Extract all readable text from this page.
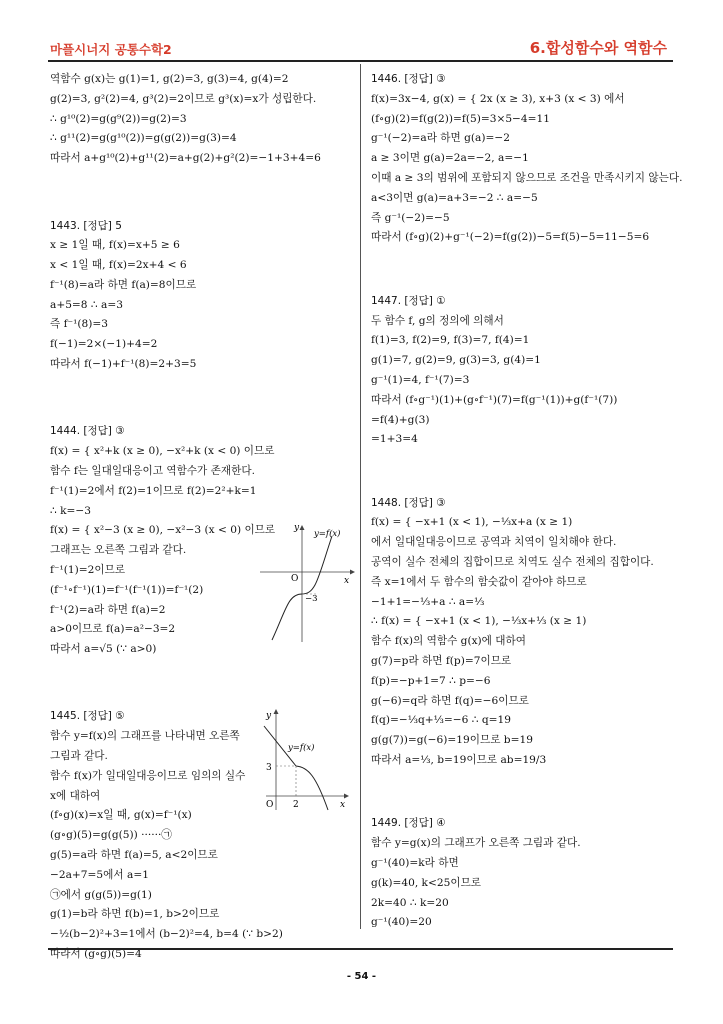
마플시너지 공통수학2	6.합성함수와 역함수
역함수 g(x)는 g(1)=1, g(2)=3, g(3)=4, g(4)=2
g(2)=3, g²(2)=4, g³(2)=2이므로 g³(x)=x가 성립한다.
∴ g¹⁰(2)=g(g⁹(2))=g(2)=3
∴ g¹¹(2)=g(g¹⁰(2))=g(g(2))=g(3)=4
따라서 a+g¹⁰(2)+g¹¹(2)=a+g(2)+g²(2)=−1+3+4=6
1443. [정답] 5
x ≥ 1일 때, f(x)=x+5 ≥ 6
x < 1일 때, f(x)=2x+4 < 6
f⁻¹(8)=a라 하면 f(a)=8이므로
a+5=8 ∴ a=3
즉 f⁻¹(8)=3
f(−1)=2×(−1)+4=2
따라서 f(−1)+f⁻¹(8)=2+3=5
1444. [정답] ③
f(x) = { x²+k (x ≥ 0), −x²+k (x < 0) 이므로
함수 f는 일대일대응이고 역함수가 존재한다.
f⁻¹(1)=2에서 f(2)=1이므로 f(2)=2²+k=1
∴ k=−3
f(x) = { x²−3 (x ≥ 0), −x²−3 (x < 0) 이므로
그래프는 오른쪽 그림과 같다.
f⁻¹(1)=2이므로
(f⁻¹∘f⁻¹)(1)=f⁻¹(f⁻¹(1))=f⁻¹(2)
f⁻¹(2)=a라 하면 f(a)=2
a>0이므로 f(a)=a²−3=2
따라서 a=√5 (∵ a>0)
1445. [정답] ⑤
함수 y=f(x)의 그래프를 나타내면 오른쪽
그림과 같다.
함수 f(x)가 일대일대응이므로 임의의 실수
x에 대하여
(f∘g)(x)=x일 때, g(x)=f⁻¹(x)
(g∘g)(5)=g(g(5)) ······㉠
g(5)=a라 하면 f(a)=5, a<2이므로
−2a+7=5에서 a=1
㉠에서 g(g(5))=g(1)
g(1)=b라 하면 f(b)=1, b>2이므로
−½(b−2)²+3=1에서 (b−2)²=4, b=4 (∵ b>2)
따라서 (g∘g)(5)=4
1446. [정답] ③
f(x)=3x−4, g(x) = { 2x (x ≥ 3), x+3 (x < 3) 에서
(f∘g)(2)=f(g(2))=f(5)=3×5−4=11
g⁻¹(−2)=a라 하면 g(a)=−2
a ≥ 3이면 g(a)=2a=−2, a=−1
이때 a ≥ 3의 범위에 포함되지 않으므로 조건을 만족시키지 않는다.
a<3이면 g(a)=a+3=−2 ∴ a=−5
즉 g⁻¹(−2)=−5
따라서 (f∘g)(2)+g⁻¹(−2)=f(g(2))−5=f(5)−5=11−5=6
1447. [정답] ①
두 함수 f, g의 정의에 의해서
f(1)=3, f(2)=9, f(3)=7, f(4)=1
g(1)=7, g(2)=9, g(3)=3, g(4)=1
g⁻¹(1)=4, f⁻¹(7)=3
따라서 (f∘g⁻¹)(1)+(g∘f⁻¹)(7)=f(g⁻¹(1))+g(f⁻¹(7))
=f(4)+g(3)
=1+3=4
1448. [정답] ③
f(x) = { −x+1 (x < 1), −⅓x+a (x ≥ 1)
에서 일대일대응이므로 공역과 치역이 일치해야 한다.
공역이 실수 전체의 집합이므로 치역도 실수 전체의 집합이다.
즉 x=1에서 두 함수의 함숫값이 같아야 하므로
−1+1=−⅓+a ∴ a=⅓
∴ f(x) = { −x+1 (x < 1), −⅓x+⅓ (x ≥ 1)
함수 f(x)의 역함수 g(x)에 대하여
g(7)=p라 하면 f(p)=7이므로
f(p)=−p+1=7 ∴ p=−6
g(−6)=q라 하면 f(q)=−6이므로
f(q)=−⅓q+⅓=−6 ∴ q=19
g(g(7))=g(−6)=19이므로 b=19
따라서 a=⅓, b=19이므로 ab=19/3
1449. [정답] ④
함수 y=g(x)의 그래프가 오른쪽 그림과 같다.
g⁻¹(40)=k라 하면
g(k)=40, k<25이므로
2k=40 ∴ k=20
g⁻¹(40)=20
y
x
y=f(x)
O
−3
y
x
y=f(x)
O
3
2
- 54 -
